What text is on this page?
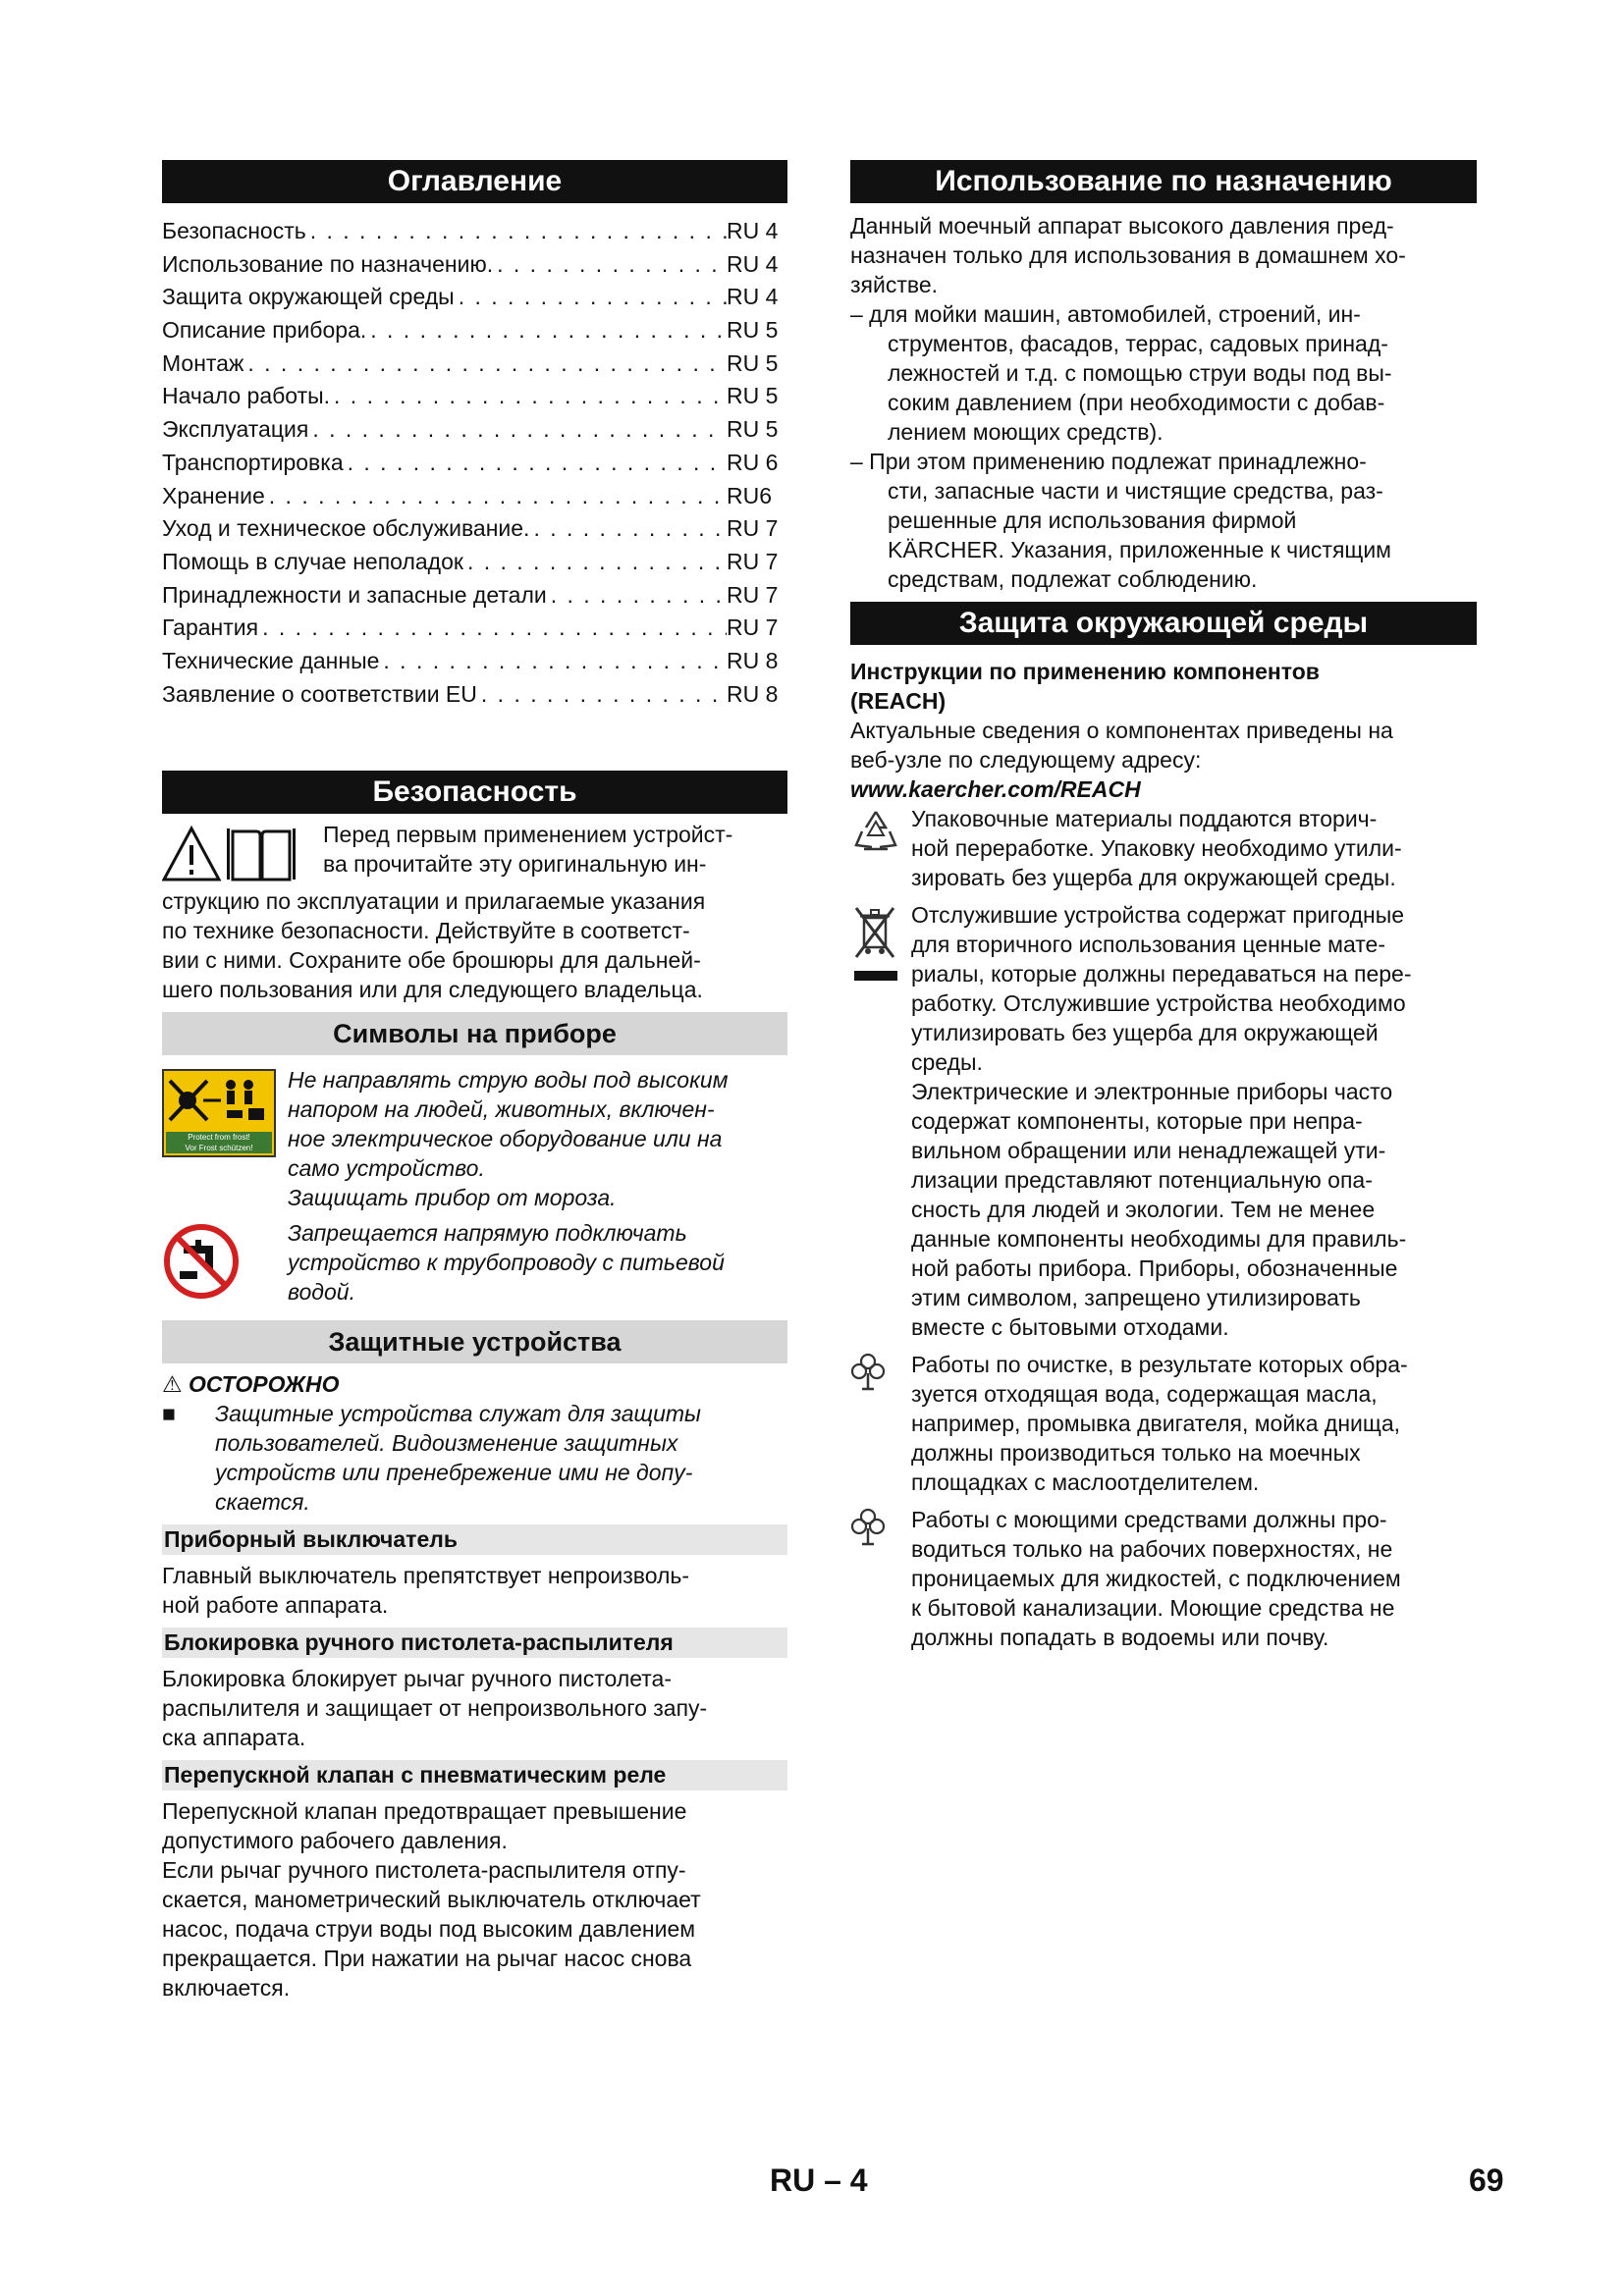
Оглавление
Безопасность . . .	RU 4
Использование по назначению. . . .	RU 4
Защита окружающей среды . . .	RU 4
Описание прибора. . . .	RU 5
Монтаж . . .	RU 5
Начало работы. . . .	RU 5
Эксплуатация . . .	RU 5
Транспортировка . . .	RU 6
Хранение . . .	RU6
Уход и техническое обслуживание. . . .	RU 7
Помощь в случае неполадок . . .	RU 7
Принадлежности и запасные детали . . .	RU 7
Гарантия . . .	RU 7
Технические данные . . .	RU 8
Заявление о соответствии EU . . .	RU 8
Безопасность
Перед первым применением устройст-
ва прочитайте эту оригинальную ин-
струкцию по эксплуатации и прилагаемые указания
по технике безопасности. Действуйте в соответст-
вии с ними. Сохраните обе брошюры для дальней-
шего пользования или для следующего владельца.
Символы на приборе
Protect from frost!
Vor Frost schützen!
Не направлять струю воды под высоким
напором на людей, животных, включен-
ное электрическое оборудование или на
само устройство.
Защищать прибор от мороза.
Запрещается напрямую подключать
устройство к трубопроводу с питьевой
водой.
Защитные устройства
⚠ ОСТОРОЖНО
■	Защитные устройства служат для защиты
пользователей. Видоизменение защитных
устройств или пренебрежение ими не допу-
скается.
Приборный выключатель
Главный выключатель препятствует непроизволь-
ной работе аппарата.
Блокировка ручного пистолета-распылителя
Блокировка блокирует рычаг ручного пистолета-
распылителя и защищает от непроизвольного запу-
ска аппарата.
Перепускной клапан с пневматическим реле
Перепускной клапан предотвращает превышение
допустимого рабочего давления.
Если рычаг ручного пистолета-распылителя отпу-
скается, манометрический выключатель отключает
насос, подача струи воды под высоким давлением
прекращается. При нажатии на рычаг насос снова
включается.
Использование по назначению
Данный моечный аппарат высокого давления пред-
назначен только для использования в домашнем хо-
зяйстве.
– для мойки машин, автомобилей, строений, ин-
струментов, фасадов, террас, садовых принад-
лежностей и т.д. с помощью струи воды под вы-
соким давлением (при необходимости с добав-
лением моющих средств).
– При этом применению подлежат принадлежно-
сти, запасные части и чистящие средства, раз-
решенные для использования фирмой
KÄRCHER. Указания, приложенные к чистящим
средствам, подлежат соблюдению.
Защита окружающей среды
Инструкции по применению компонентов
(REACH)
Актуальные сведения о компонентах приведены на
веб-узле по следующему адресу:
www.kaercher.com/REACH
Упаковочные материалы поддаются вторич-
ной переработке. Упаковку необходимо утили-
зировать без ущерба для окружающей среды.
Отслужившие устройства содержат пригодные
для вторичного использования ценные мате-
риалы, которые должны передаваться на пере-
работку. Отслужившие устройства необходимо
утилизировать без ущерба для окружающей
среды.
Электрические и электронные приборы часто
содержат компоненты, которые при непра-
вильном обращении или ненадлежащей ути-
лизации представляют потенциальную опа-
сность для людей и экологии. Тем не менее
данные компоненты необходимы для правиль-
ной работы прибора. Приборы, обозначенные
этим символом, запрещено утилизировать
вместе с бытовыми отходами.
Работы по очистке, в результате которых обра-
зуется отходящая вода, содержащая масла,
например, промывка двигателя, мойка днища,
должны производиться только на моечных
площадках с маслоотделителем.
Работы с моющими средствами должны про-
водиться только на рабочих поверхностях, не
проницаемых для жидкостей, с подключением
к бытовой канализации. Моющие средства не
должны попадать в водоемы или почву.
RU – 4	69
